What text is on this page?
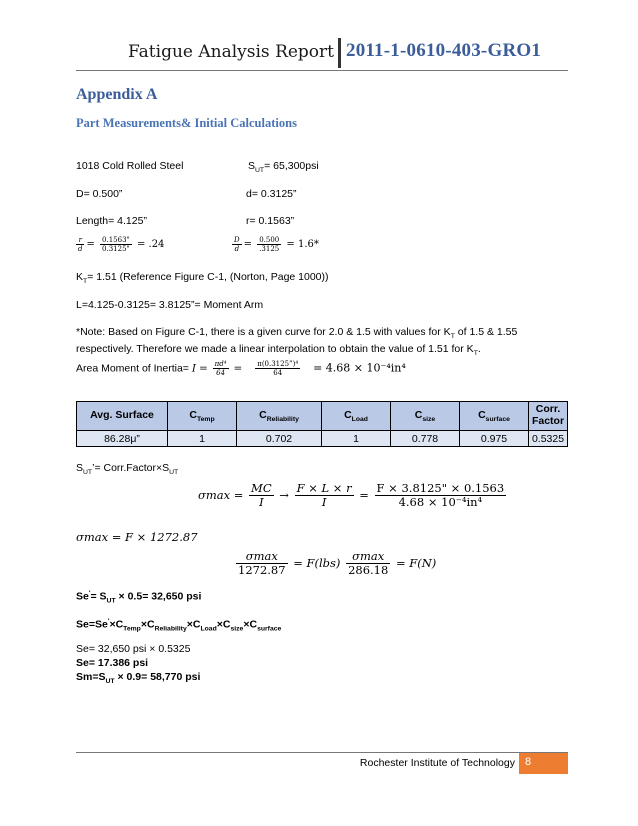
Fatigue Analysis Report 2011-1-0610-403-GRO1
Appendix A
Part Measurements& Initial Calculations
1018 Cold Rolled Steel	$S_{UT}= 65,300psi$
D= 0.500”	d= 0.3125”
Length= 4.125”	r= 0.1563”
$\frac{r}{d} = \frac{0.1563"}{0.3125"} = .24$	$\frac{D}{d} = \frac{0.500}{.3125} = 1.6*$
$K_T= 1.51$ (Reference Figure C-1, (Norton, Page 1000))
L=4.125-0.3125= 3.8125”= Moment Arm
*Note: Based on Figure C-1, there is a given curve for 2.0 & 1.5 with values for $K_T$ of 1.5 & 1.55
respectively. Therefore we made a linear interpolation to obtain the value of 1.51 for $K_T$.
Area Moment of Inertia= $I = \frac{\text{πd⁴}}{64} = \frac{\text{π(0.3125”)⁴}}{64} = 4.68 \times 10^{-4}in^4$
Avg. Surface	$C_{Temp}$	$C_{Reliability}$	$C_{Load}$	$C_{size}$	$C_{surface}$	Corr. Factor
86.28μ”	1	0.702	1	0.778	0.975	0.5325
$S_{UT}’=$ $Corr.Factor\times S_{UT}$
$\sigma\max = \frac{MC}{I} \to \frac{F \times L \times r}{I} = \frac{F \times 3.8125" \times 0.1563}{\text{4.68 × 10⁻⁴in⁴}}$
σmax = F × 1272.87
$\frac{\sigma\max}{1272.87} = F(lbs) \frac{\sigma\max}{286.18} = F(N)$
$Se'= S_{UT} \times 0.5= 32,650$ psi
$Se=Se'\times C_{Temp}\times C_{Reliability}\times C_{Load}\times C_{size}\times C_{surface}$
Se= 32,650 psi × 0.5325
Se= 17.386 psi
$Sm=S_{UT} \times 0.9= 58,770$ psi
Rochester Institute of Technology 8
